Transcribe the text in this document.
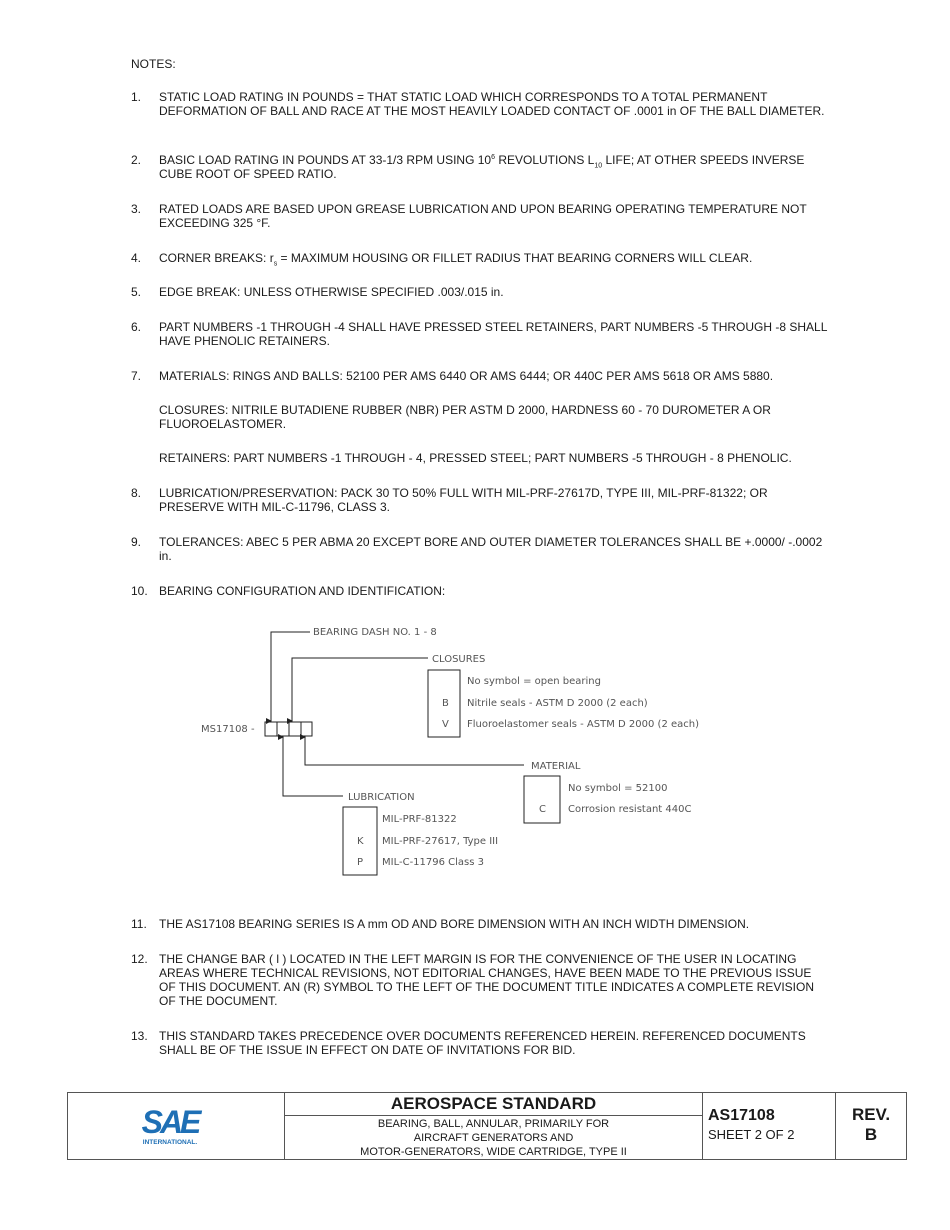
NOTES:
1.	STATIC LOAD RATING IN POUNDS = THAT STATIC LOAD WHICH CORRESPONDS TO A TOTAL PERMANENT DEFORMATION OF BALL AND RACE AT THE MOST HEAVILY LOADED CONTACT OF .0001 in OF THE BALL DIAMETER.
2.	BASIC LOAD RATING IN POUNDS AT 33-1/3 RPM USING $10^6$ REVOLUTIONS $L_{10}$ LIFE; AT OTHER SPEEDS INVERSE CUBE ROOT OF SPEED RATIO.
3.	RATED LOADS ARE BASED UPON GREASE LUBRICATION AND UPON BEARING OPERATING TEMPERATURE NOT EXCEEDING 325 °F.
4.	CORNER BREAKS: $r_s$ = MAXIMUM HOUSING OR FILLET RADIUS THAT BEARING CORNERS WILL CLEAR.
5.	EDGE BREAK: UNLESS OTHERWISE SPECIFIED .003/.015 in.
6.	PART NUMBERS -1 THROUGH -4 SHALL HAVE PRESSED STEEL RETAINERS, PART NUMBERS -5 THROUGH -8 SHALL HAVE PHENOLIC RETAINERS.
7.	MATERIALS: RINGS AND BALLS: 52100 PER AMS 6440 OR AMS 6444; OR 440C PER AMS 5618 OR AMS 5880.

CLOSURES: NITRILE BUTADIENE RUBBER (NBR) PER ASTM D 2000, HARDNESS 60 - 70 DUROMETER A OR FLUOROELASTOMER.

RETAINERS: PART NUMBERS -1 THROUGH - 4, PRESSED STEEL; PART NUMBERS -5 THROUGH - 8 PHENOLIC.

8.	LUBRICATION/PRESERVATION: PACK 30 TO 50% FULL WITH MIL-PRF-27617D, TYPE III, MIL-PRF-81322; OR PRESERVE WITH MIL-C-11796, CLASS 3.
9.	TOLERANCES: ABEC 5 PER ABMA 20 EXCEPT BORE AND OUTER DIAMETER TOLERANCES SHALL BE +.0000/ -.0002 in.
10. BEARING CONFIGURATION AND IDENTIFICATION:
MS17108 -
BEARING DASH NO. 1 - 8
CLOSURES
B
V
No symbol = open bearing
Nitrile seals - ASTM D 2000 (2 each)
Fluoroelastomer seals - ASTM D 2000 (2 each)
MATERIAL
C
No symbol = 52100
Corrosion resistant 440C
LUBRICATION
K
P
MIL-PRF-81322
MIL-PRF-27617, Type III
MIL-C-11796 Class 3
11.	THE AS17108 BEARING SERIES IS A mm OD AND BORE DIMENSION WITH AN INCH WIDTH DIMENSION.
12. THE CHANGE BAR ( l ) LOCATED IN THE LEFT MARGIN IS FOR THE CONVENIENCE OF THE USER IN LOCATING AREAS WHERE TECHNICAL REVISIONS, NOT EDITORIAL CHANGES, HAVE BEEN MADE TO THE PREVIOUS ISSUE OF THIS DOCUMENT. AN (R) SYMBOL TO THE LEFT OF THE DOCUMENT TITLE INDICATES A COMPLETE REVISION OF THE DOCUMENT.
13. THIS STANDARD TAKES PRECEDENCE OVER DOCUMENTS REFERENCED HEREIN. REFERENCED DOCUMENTS SHALL BE OF THE ISSUE IN EFFECT ON DATE OF INVITATIONS FOR BID.
SAE
INTERNATIONAL.
AEROSPACE STANDARD
BEARING, BALL, ANNULAR, PRIMARILY FOR
AIRCRAFT GENERATORS AND
MOTOR-GENERATORS, WIDE CARTRIDGE, TYPE II
AS17108
SHEET 2 OF 2
REV.
B
